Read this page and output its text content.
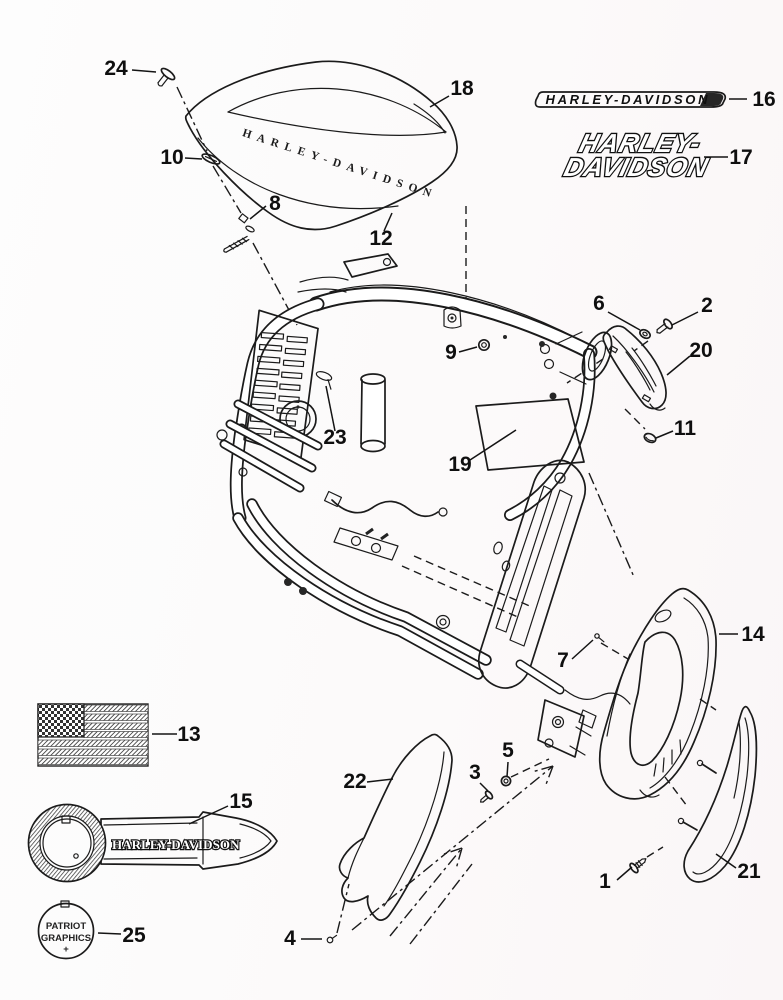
HARLEY-DAVIDSON
HARLEY-DAVIDSON
HARLEY-
DAVIDSON
HARLEY-DAVIDSON
PATRIOT
GRAPHICS
+
1
2
3
4
5
6
7
8
9
10
11
12
13
14
15
16
17
18
19
20
21
22
23
24
25
